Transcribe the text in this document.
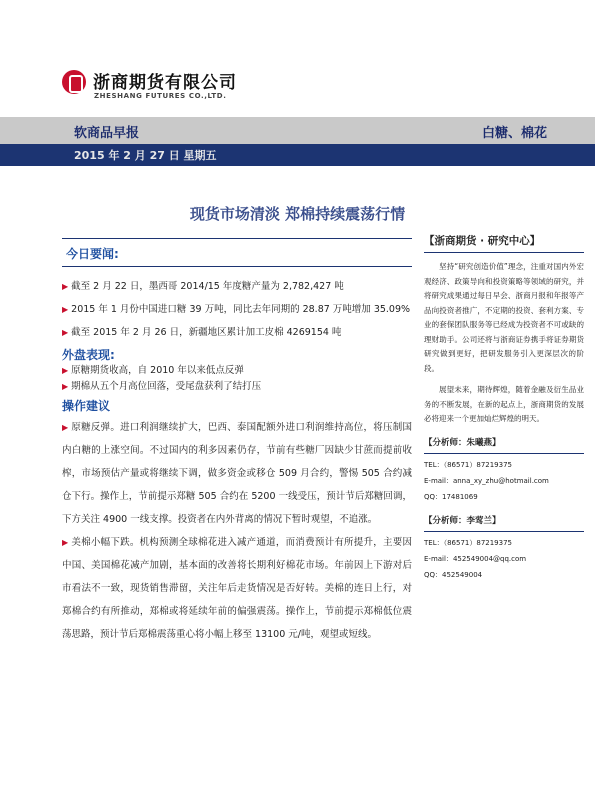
浙商期货有限公司
ZHESHANG FUTURES CO.,LTD.
软商品早报	白糖、棉花
2015 年 2 月 27 日 星期五
现货市场清淡 郑棉持续震荡行情
今日要闻:
▶ 截至 2 月 22 日，墨西哥 2014/15 年度糖产量为 2,782,427 吨
▶ 2015 年 1 月份中国进口糖 39 万吨，同比去年同期的 28.87 万吨增加 35.09%
▶ 截至 2015 年 2 月 26 日，新疆地区累计加工皮棉 4269154 吨
外盘表现:
▶ 原糖期货收高，自 2010 年以来低点反弹
▶ 期棉从五个月高位回落，受尾盘获利了结打压
操作建议
▶ 原糖反弹。进口利润继续扩大，巴西、泰国配额外进口利润维持高位，将压制国内白糖的上涨空间。不过国内的利多因素仍存，节前有些糖厂因缺少甘蔗而提前收榨，市场预估产量或将继续下调，做多资金或移仓 509 月合约，警惕 505 合约减仓下行。操作上，节前提示郑糖 505 合约在 5200 一线受压，预计节后郑糖回调，下方关注 4900 一线支撑。投资者在内外背离的情况下暂时观望，不追涨。
▶ 美棉小幅下跌。机构预测全球棉花进入减产通道，而消费预计有所提升，主要因中国、美国棉花减产加剧，基本面的改善将长期利好棉花市场。年前因上下游对后市看法不一致，现货销售滞留，关注年后走货情况是否好转。美棉的连日上行，对郑棉合约有所推动，郑棉或将延续年前的偏强震荡。操作上，节前提示郑棉低位震荡思路，预计节后郑棉震荡重心将小幅上移至 13100 元/吨，观望或短线。
【浙商期货 · 研究中心】
坚持“研究创造价值”理念，注重对国内外宏观经济、政策导向和投资策略等领域的研究，并将研究成果通过每日早会、浙商月报和年报等产品向投资者推广，不定期的投资、套利方案、专业的套保团队服务等已经成为投资者不可或缺的理财助手。公司还将与浙商证券携手将证券期货研究做到更好，把研发服务引入更深层次的阶段。
展望未来，期待辉煌，随着金融及衍生品业务的不断发展，在新的起点上，浙商期货的发展必将迎来一个更加灿烂辉煌的明天。
【分析师：朱曦燕】
TEL：（86571）87219375
E-mail：anna_xy_zhu@hotmail.com
QQ：17481069
【分析师：李莺兰】
TEL：（86571）87219375
E-mail：452549004@qq.com
QQ：452549004
